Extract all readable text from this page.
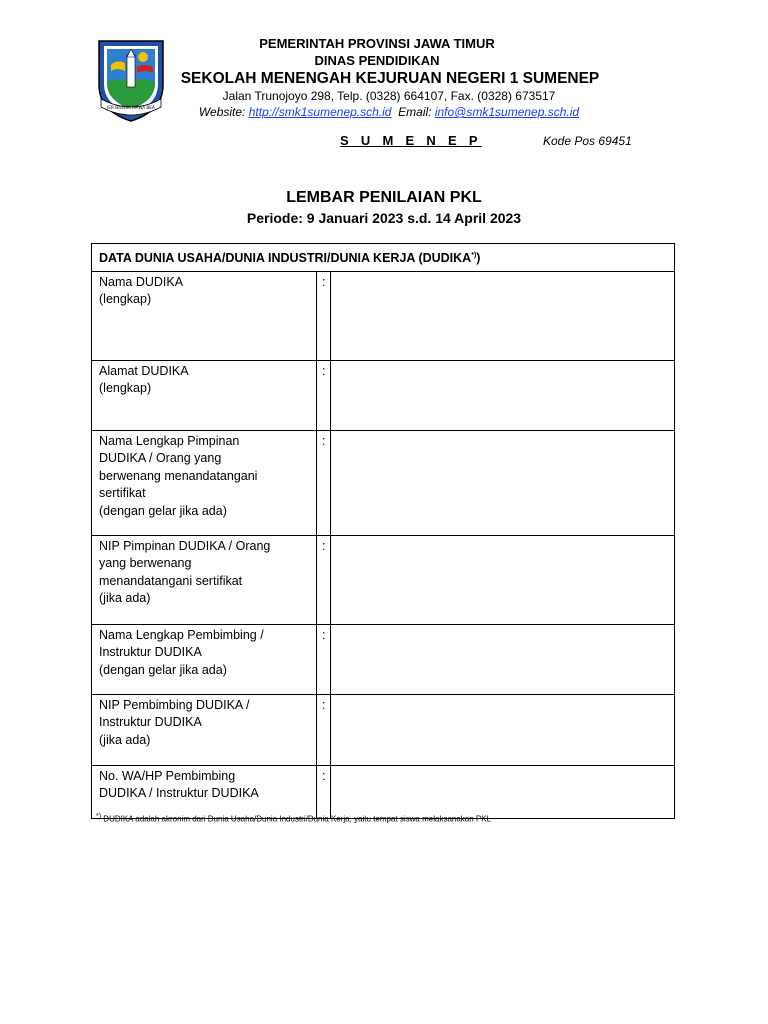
JER BASUKI MAWA BEA
PEMERINTAH PROVINSI JAWA TIMUR
DINAS PENDIDIKAN
SEKOLAH MENENGAH KEJURUAN NEGERI 1 SUMENEP
Jalan Trunojoyo 298, Telp. (0328) 664107, Fax. (0328) 673517
Website: http://smk1sumenep.sch.id Email: info@smk1sumenep.sch.id
S U M E N E P	Kode Pos 69451
LEMBAR PENILAIAN PKL
Periode: 9 Januari 2023 s.d. 14 April 2023
DATA DUNIA USAHA/DUNIA INDUSTRI/DUNIA KERJA (DUDIKA*))		

Nama DUDIKA
(lengkap)	:	

Alamat DUDIKA
(lengkap)	:	

Nama Lengkap Pimpinan
DUDIKA / Orang yang
berwenang menandatangani
sertifikat
(dengan gelar jika ada)	:	

NIP Pimpinan DUDIKA / Orang
yang berwenang
menandatangani sertifikat
(jika ada)	:	

Nama Lengkap Pembimbing /
Instruktur DUDIKA
(dengan gelar jika ada)	:	

NIP Pembimbing DUDIKA /
Instruktur DUDIKA
(jika ada)	:	

No. WA/HP Pembimbing
DUDIKA / Instruktur DUDIKA	:	
*) DUDIKA adalah akronim dari Dunia Usaha/Dunia Industri/Dunia Kerja, yaitu tempat siswa melaksanakan PKL
